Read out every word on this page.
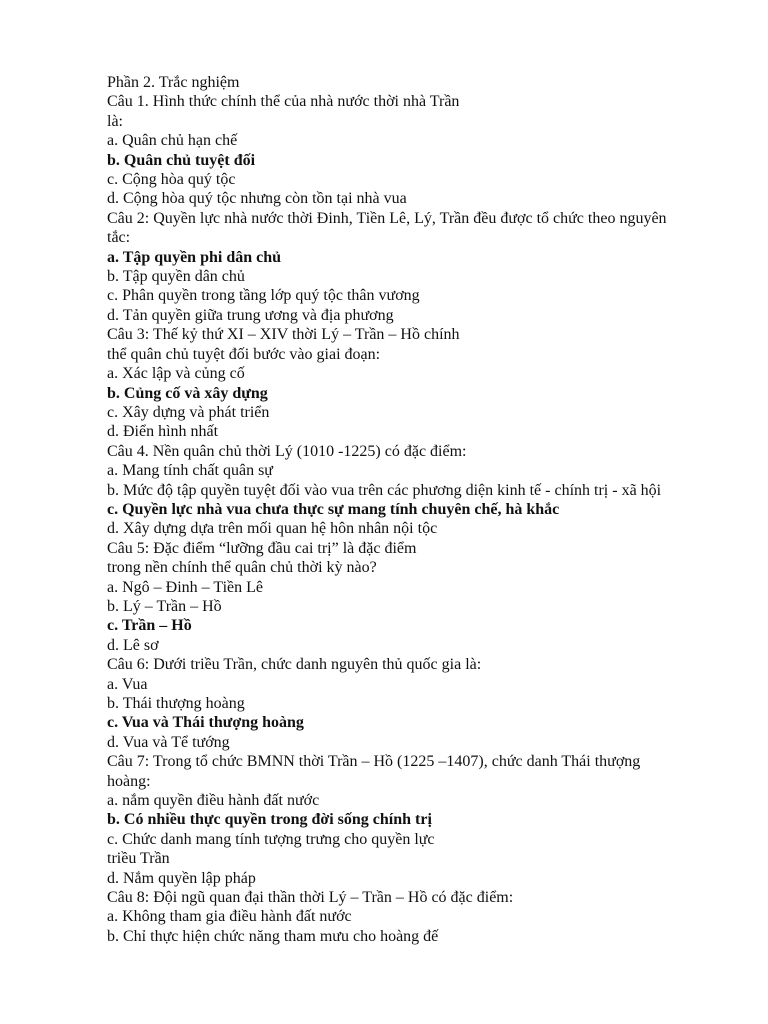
Phần 2. Trắc nghiệm
Câu 1. Hình thức chính thể của nhà nước thời nhà Trần
là:
a. Quân chủ hạn chế
b. Quân chủ tuyệt đối
c. Cộng hòa quý tộc
d. Cộng hòa quý tộc nhưng còn tồn tại nhà vua
Câu 2: Quyền lực nhà nước thời Đinh, Tiền Lê, Lý, Trần đều được tổ chức theo nguyên
tắc:
a. Tập quyền phi dân chủ
b. Tập quyền dân chủ
c. Phân quyền trong tầng lớp quý tộc thân vương
d. Tản quyền giữa trung ương và địa phương
Câu 3: Thế kỷ thứ XI – XIV thời Lý – Trần – Hồ chính
thể quân chủ tuyệt đối bước vào giai đoạn:
a. Xác lập và củng cố
b. Củng cố và xây dựng
c. Xây dựng và phát triển
d. Điển hình nhất
Câu 4. Nền quân chủ thời Lý (1010 -1225) có đặc điểm:
a. Mang tính chất quân sự
b. Mức độ tập quyền tuyệt đối vào vua trên các phương diện kinh tế - chính trị - xã hội
c. Quyền lực nhà vua chưa thực sự mang tính chuyên chế, hà khắc
d. Xây dựng dựa trên mối quan hệ hôn nhân nội tộc
Câu 5: Đặc điểm “lưỡng đầu cai trị” là đặc điểm
trong nền chính thể quân chủ thời kỳ nào?
a. Ngô – Đinh – Tiền Lê
b. Lý – Trần – Hồ
c. Trần – Hồ
d. Lê sơ
Câu 6: Dưới triều Trần, chức danh nguyên thủ quốc gia là:
a. Vua
b. Thái thượng hoàng
c. Vua và Thái thượng hoàng
d. Vua và Tể tướng
Câu 7: Trong tổ chức BMNN thời Trần – Hồ (1225 –1407), chức danh Thái thượng
hoàng:
a. nắm quyền điều hành đất nước
b. Có nhiều thực quyền trong đời sống chính trị
c. Chức danh mang tính tượng trưng cho quyền lực
triều Trần
d. Nắm quyền lập pháp
Câu 8: Đội ngũ quan đại thần thời Lý – Trần – Hồ có đặc điểm:
a. Không tham gia điều hành đất nước
b. Chỉ thực hiện chức năng tham mưu cho hoàng đế
